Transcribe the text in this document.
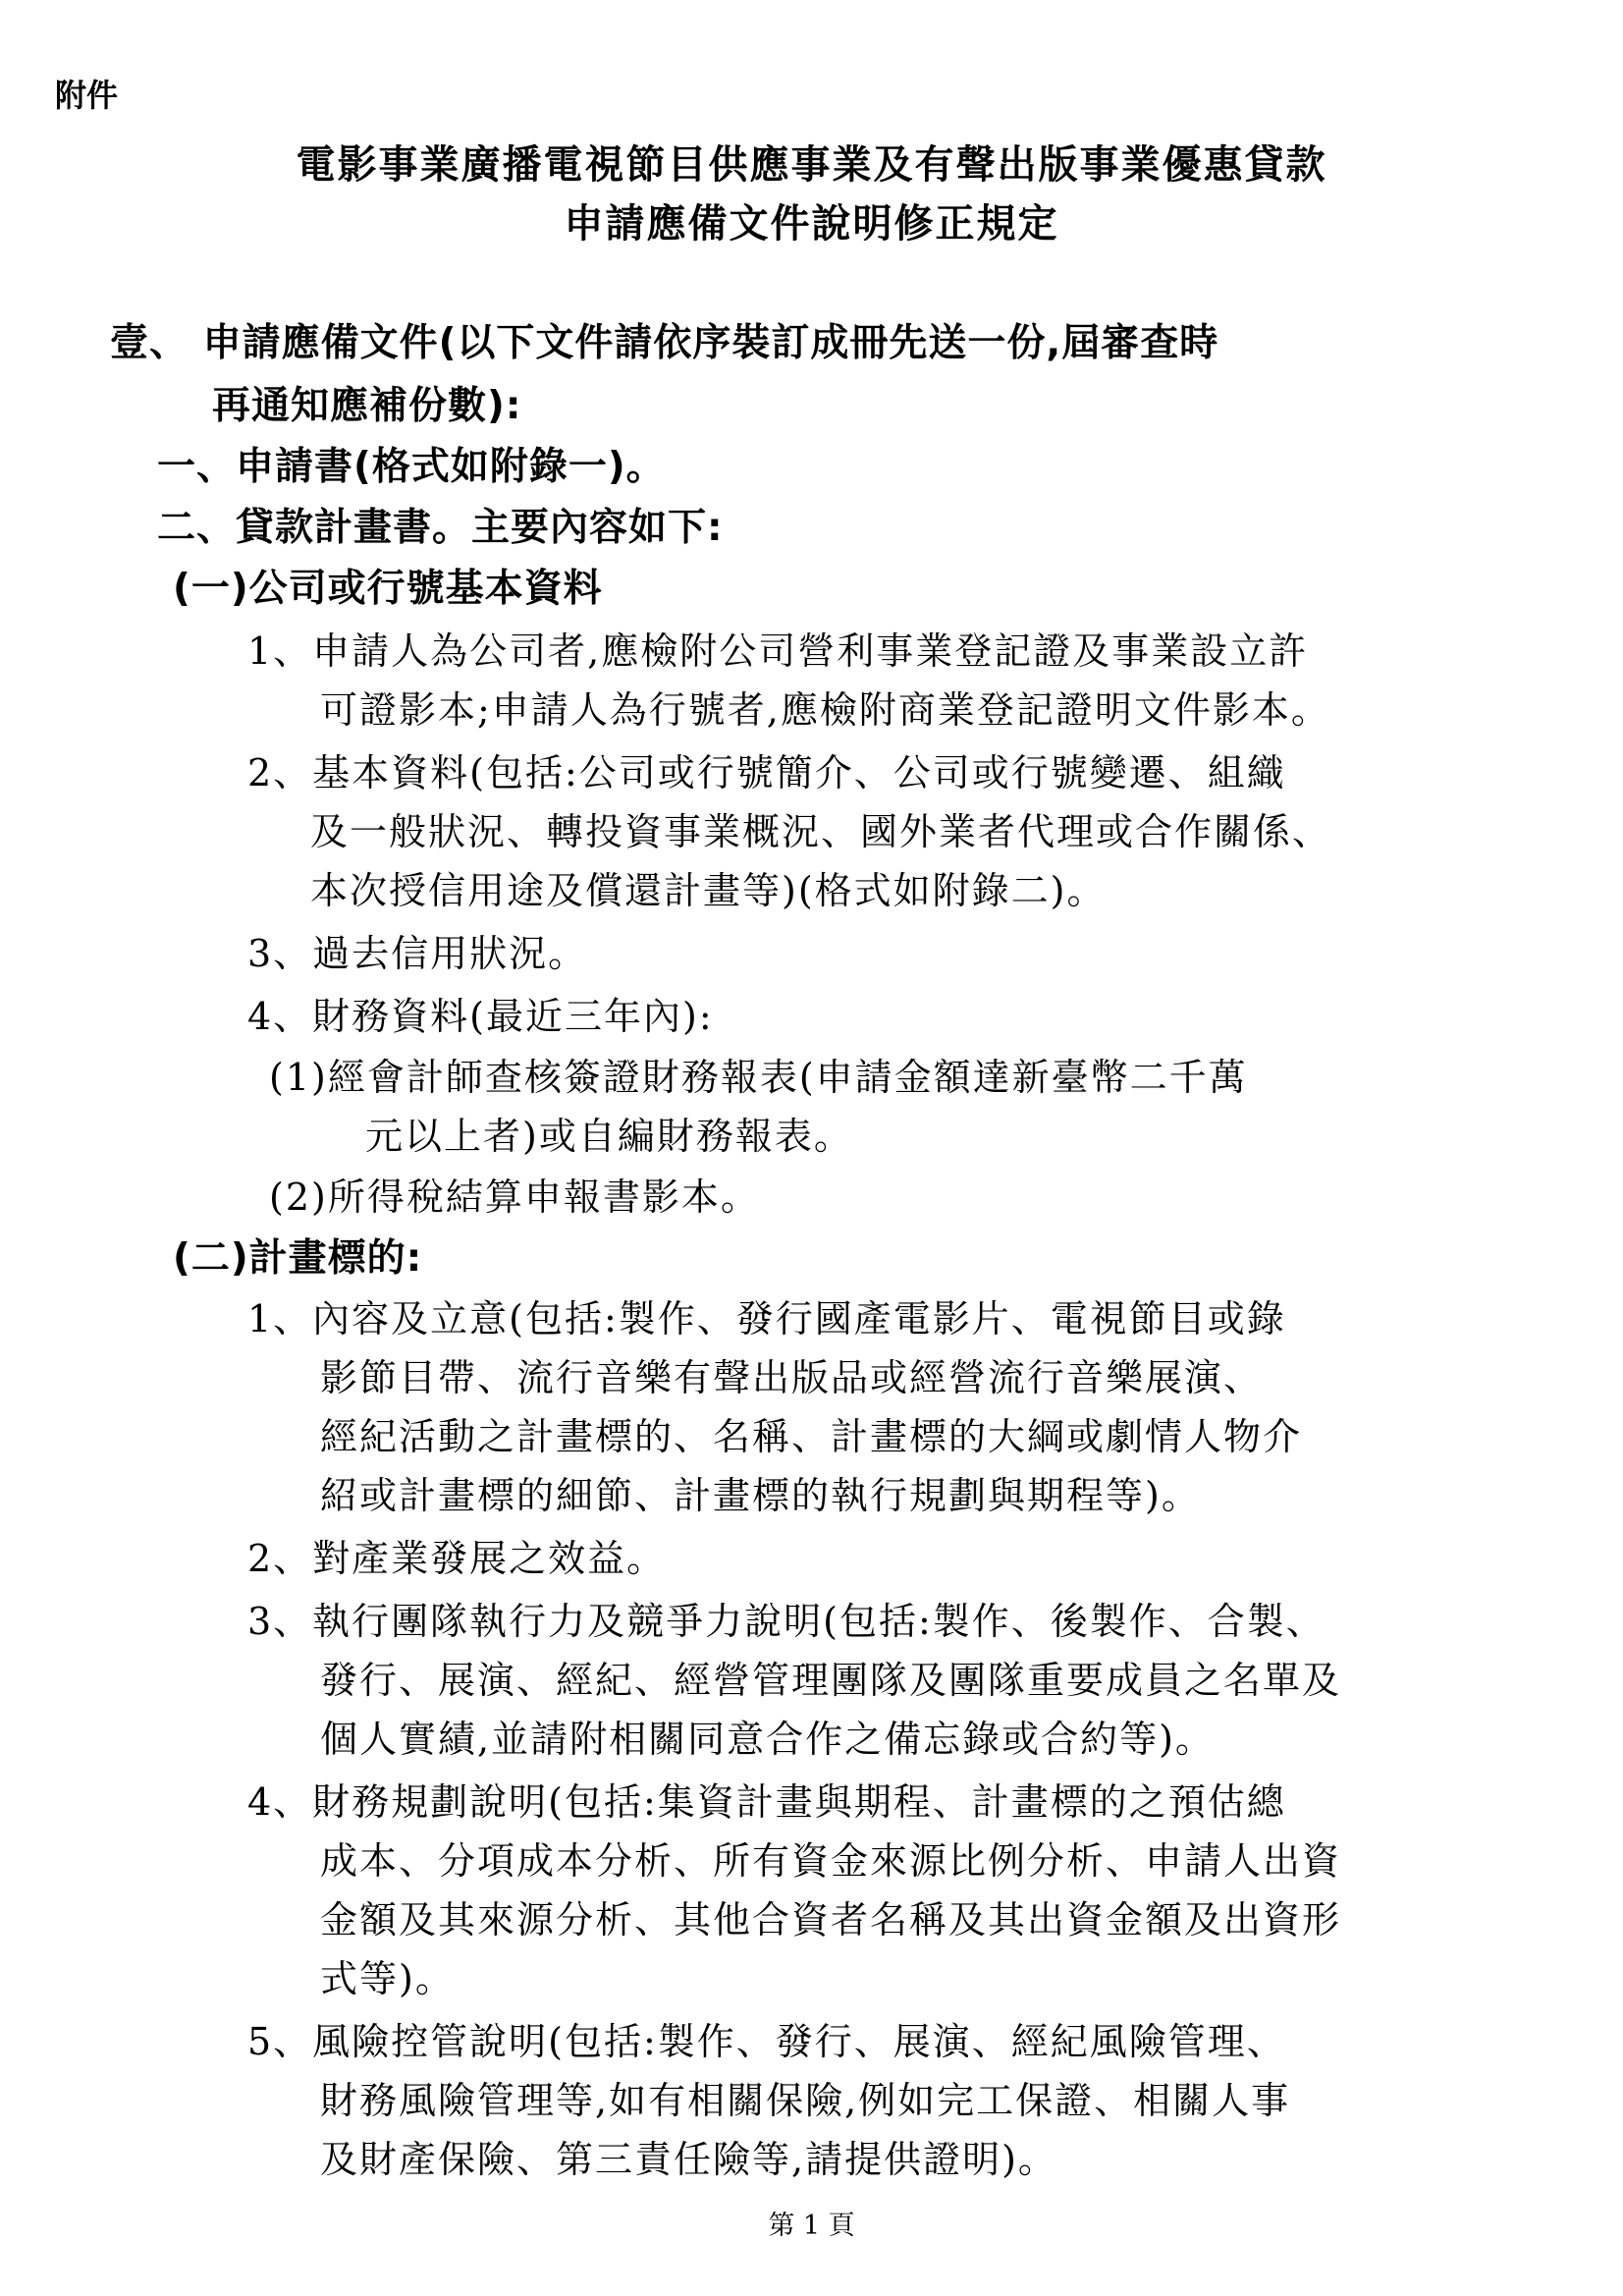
附件
電影事業廣播電視節目供應事業及有聲出版事業優惠貸款
申請應備文件說明修正規定
壹、 申請應備文件(以下文件請依序裝訂成冊先送一份,屆審查時
再通知應補份數):
一、申請書(格式如附錄一)。
二、貸款計畫書。主要內容如下:
(一)公司或行號基本資料
1、申請人為公司者,應檢附公司營利事業登記證及事業設立許
可證影本;申請人為行號者,應檢附商業登記證明文件影本。
2、基本資料(包括:公司或行號簡介、公司或行號變遷、組織
及一般狀況、轉投資事業概況、國外業者代理或合作關係、
本次授信用途及償還計畫等)(格式如附錄二)。
3、過去信用狀況。
4、財務資料(最近三年內):
(1)經會計師查核簽證財務報表(申請金額達新臺幣二千萬
元以上者)或自編財務報表。
(2)所得稅結算申報書影本。
(二)計畫標的:
1、內容及立意(包括:製作、發行國產電影片、電視節目或錄
影節目帶、流行音樂有聲出版品或經營流行音樂展演、
經紀活動之計畫標的、名稱、計畫標的大綱或劇情人物介
紹或計畫標的細節、計畫標的執行規劃與期程等)。
2、對產業發展之效益。
3、執行團隊執行力及競爭力說明(包括:製作、後製作、合製、
發行、展演、經紀、經營管理團隊及團隊重要成員之名單及
個人實績,並請附相關同意合作之備忘錄或合約等)。
4、財務規劃說明(包括:集資計畫與期程、計畫標的之預估總
成本、分項成本分析、所有資金來源比例分析、申請人出資
金額及其來源分析、其他合資者名稱及其出資金額及出資形
式等)。
5、風險控管說明(包括:製作、發行、展演、經紀風險管理、
財務風險管理等,如有相關保險,例如完工保證、相關人事
及財產保險、第三責任險等,請提供證明)。
第 1 頁
